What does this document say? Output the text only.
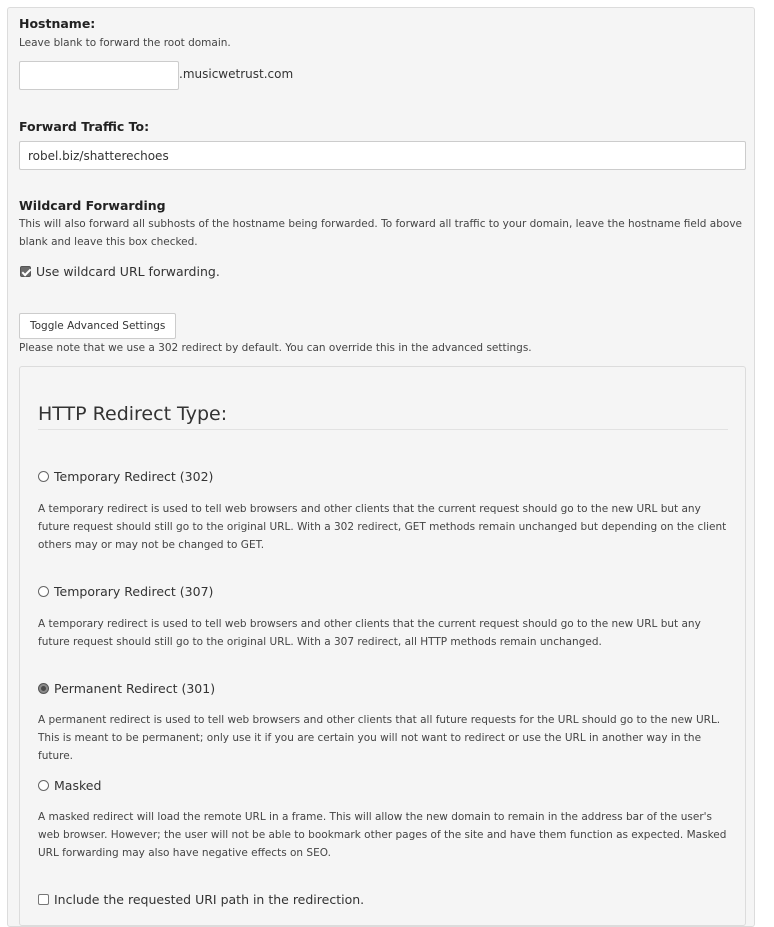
Hostname:
Leave blank to forward the root domain.
.musicwetrust.com
Forward Traffic To:
robel.biz/shatterechoes
Wildcard Forwarding
This will also forward all subhosts of the hostname being forwarded. To forward all traffic to your domain, leave the hostname field above blank and leave this box checked.
Use wildcard URL forwarding.
Toggle Advanced Settings
Please note that we use a 302 redirect by default. You can override this in the advanced settings.
HTTP Redirect Type:
Temporary Redirect (302)
A temporary redirect is used to tell web browsers and other clients that the current request should go to the new URL but any future request should still go to the original URL. With a 302 redirect, GET methods remain unchanged but depending on the client others may or may not be changed to GET.
Temporary Redirect (307)
A temporary redirect is used to tell web browsers and other clients that the current request should go to the new URL but any future request should still go to the original URL. With a 307 redirect, all HTTP methods remain unchanged.
Permanent Redirect (301)
A permanent redirect is used to tell web browsers and other clients that all future requests for the URL should go to the new URL. This is meant to be permanent; only use it if you are certain you will not want to redirect or use the URL in another way in the future.
Masked
A masked redirect will load the remote URL in a frame. This will allow the new domain to remain in the address bar of the user's web browser. However; the user will not be able to bookmark other pages of the site and have them function as expected. Masked URL forwarding may also have negative effects on SEO.
Include the requested URI path in the redirection.
